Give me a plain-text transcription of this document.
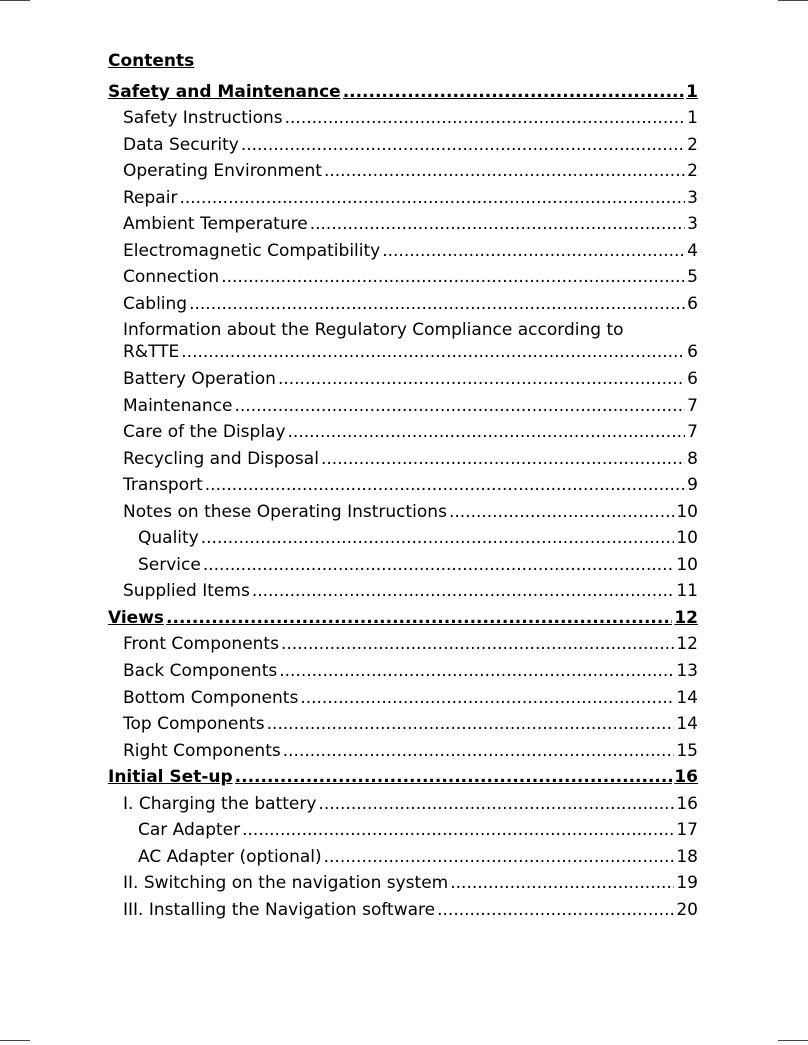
Contents
Safety and Maintenance .....	1
Safety Instructions .....	1
Data Security .....	2
Operating Environment .....	2
Repair .....	3
Ambient Temperature .....	3
Electromagnetic Compatibility .....	4
Connection .....	5
Cabling .....	6
Information about the Regulatory Compliance according to
R&TTE .....	6
Battery Operation .....	6
Maintenance .....	7
Care of the Display .....	7
Recycling and Disposal .....	8
Transport .....	9
Notes on these Operating Instructions .....	10
Quality .....	10
Service .....	10
Supplied Items .....	11
Views .....	12
Front Components .....	12
Back Components .....	13
Bottom Components .....	14
Top Components .....	14
Right Components .....	15
Initial Set-up .....	16
I. Charging the battery .....	16
Car Adapter .....	17
AC Adapter (optional) .....	18
II. Switching on the navigation system .....	19
III. Installing the Navigation software .....	20
